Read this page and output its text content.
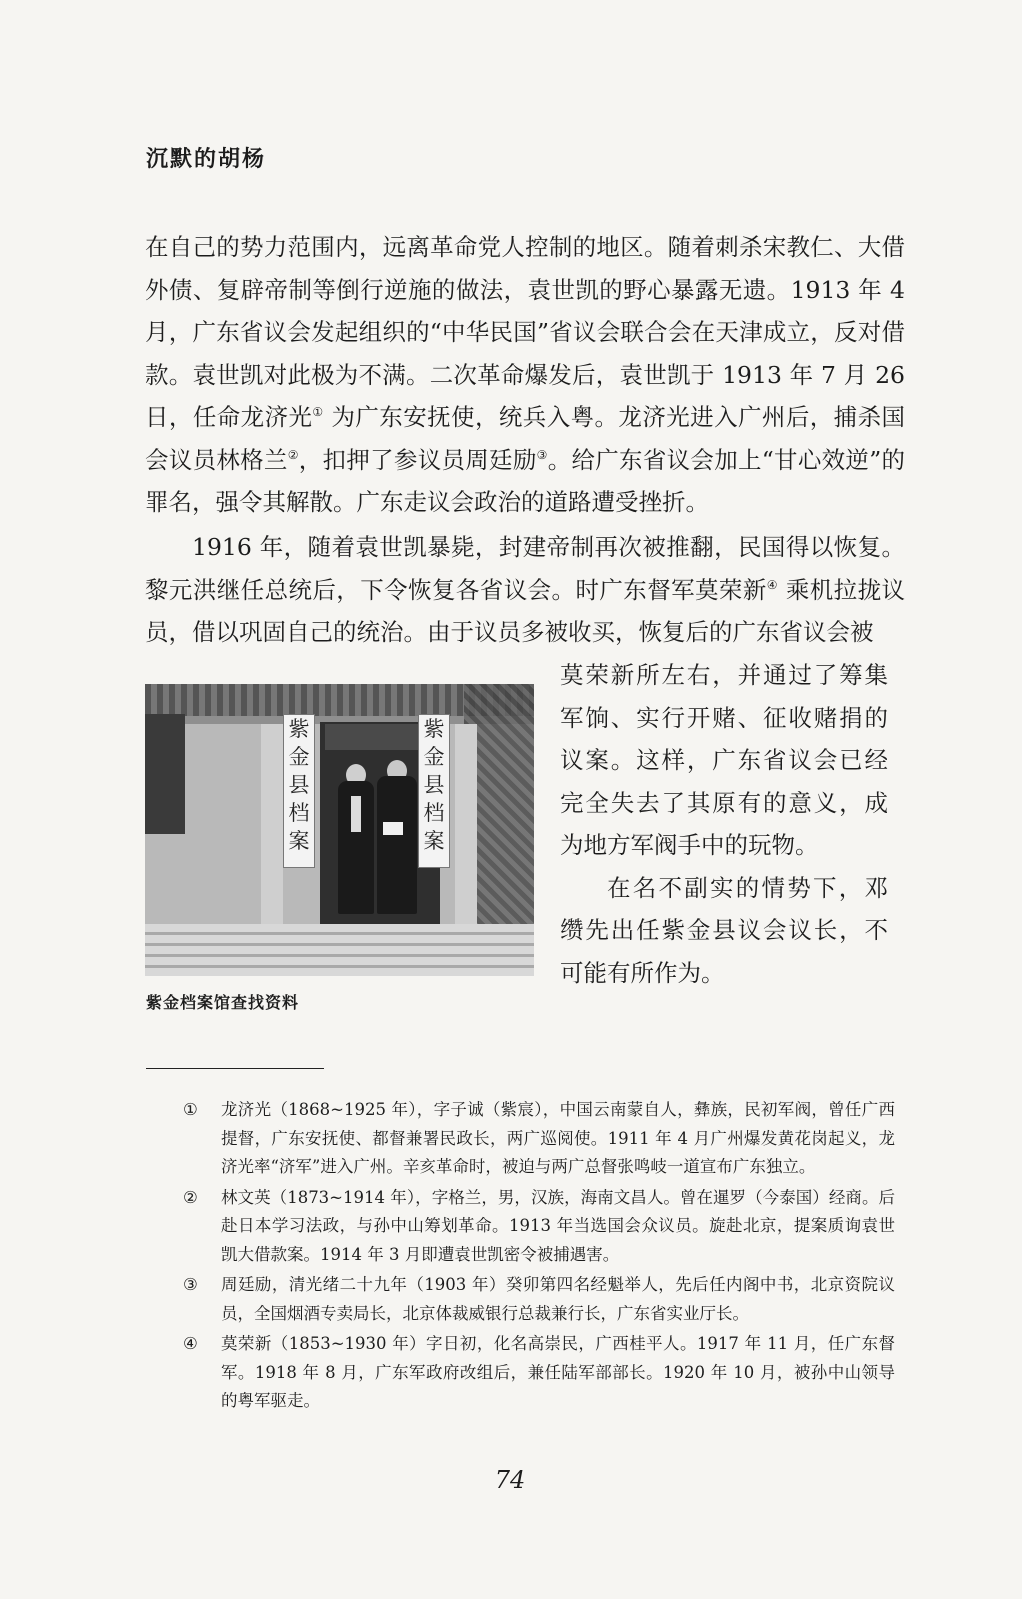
沉默的胡杨
在自己的势力范围内，远离革命党人控制的地区。随着刺杀宋教仁、大借外债、复辟帝制等倒行逆施的做法，袁世凯的野心暴露无遗。1913 年 4 月，广东省议会发起组织的“中华民国”省议会联合会在天津成立，反对借款。袁世凯对此极为不满。二次革命爆发后，袁世凯于 1913 年 7 月 26 日，任命龙济光① 为广东安抚使，统兵入粤。龙济光进入广州后，捕杀国会议员林格兰②，扣押了参议员周廷励③。给广东省议会加上“甘心效逆”的罪名，强令其解散。广东走议会政治的道路遭受挫折。
1916 年，随着袁世凯暴毙，封建帝制再次被推翻，民国得以恢复。黎元洪继任总统后，下令恢复各省议会。时广东督军莫荣新④ 乘机拉拢议员，借以巩固自己的统治。由于议员多被收买，恢复后的广东省议会被
紫
金
县
档
案
紫
金
县
档
案
紫金档案馆查找资料
莫荣新所左右，并通过了筹集军饷、实行开赌、征收赌捐的议案。这样，广东省议会已经完全失去了其原有的意义，成为地方军阀手中的玩物。
在名不副实的情势下，邓缵先出任紫金县议会议长，不可能有所作为。
① 龙济光（1868~1925 年），字子诚（紫宸），中国云南蒙自人，彝族，民初军阀，曾任广西提督，广东安抚使、都督兼署民政长，两广巡阅使。1911 年 4 月广州爆发黄花岗起义，龙济光率“济军”进入广州。辛亥革命时，被迫与两广总督张鸣岐一道宣布广东独立。
② 林文英（1873~1914 年），字格兰，男，汉族，海南文昌人。曾在暹罗（今泰国）经商。后赴日本学习法政，与孙中山筹划革命。1913 年当选国会众议员。旋赴北京，提案质询袁世凯大借款案。1914 年 3 月即遭袁世凯密令被捕遇害。
③ 周廷励，清光绪二十九年（1903 年）癸卯第四名经魁举人，先后任内阁中书，北京资院议员，全国烟酒专卖局长，北京体裁威银行总裁兼行长，广东省实业厅长。
④ 莫荣新（1853~1930 年）字日初，化名高崇民，广西桂平人。1917 年 11 月，任广东督军。1918 年 8 月，广东军政府改组后，兼任陆军部部长。1920 年 10 月，被孙中山领导的粤军驱走。
74
